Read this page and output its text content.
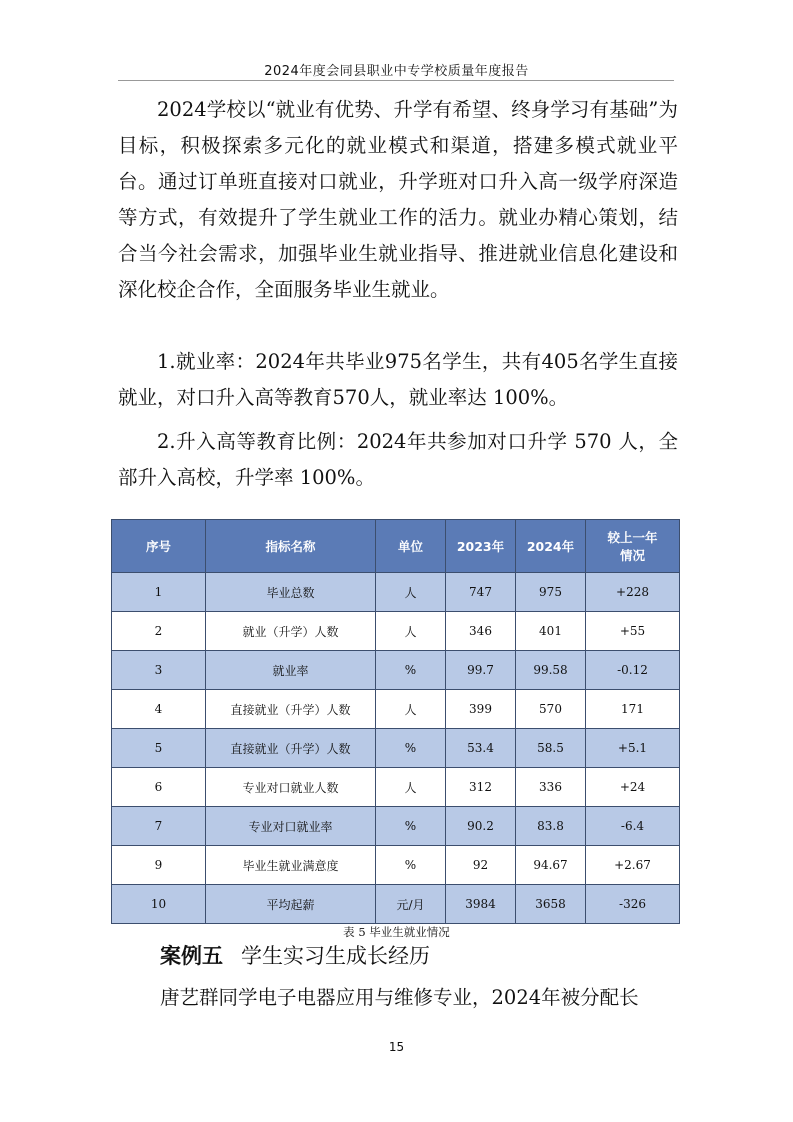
2024年度会同县职业中专学校质量年度报告

2024学校以“就业有优势、升学有希望、终身学习有基础”为目标，积极探索多元化的就业模式和渠道，搭建多模式就业平台。通过订单班直接对口就业，升学班对口升入高一级学府深造等方式，有效提升了学生就业工作的活力。就业办精心策划，结合当今社会需求，加强毕业生就业指导、推进就业信息化建设和深化校企合作，全面服务毕业生就业。

1.就业率：2024年共毕业975名学生，共有405名学生直接就业，对口升入高等教育570人，就业率达 100%。

2.升入高等教育比例：2024年共参加对口升学 570 人，全部升入高校，升学率 100%。

序号	指标名称	单位	2023年	2024年	较上一年情况
1	毕业总数	人	747	975	+228
2	就业（升学）人数	人	346	401	+55
3	就业率	%	99.7	99.58	-0.12
4	直接就业（升学）人数	人	399	570	171
5	直接就业（升学）人数	%	53.4	58.5	+5.1
6	专业对口就业人数	人	312	336	+24
7	专业对口就业率	%	90.2	83.8	-6.4
9	毕业生就业满意度	%	92	94.67	+2.67
10	平均起薪	元/月	3984	3658	-326
表 5 毕业生就业情况
案例五 学生实习生成长经历

唐艺群同学电子电器应用与维修专业，2024年被分配长

15
